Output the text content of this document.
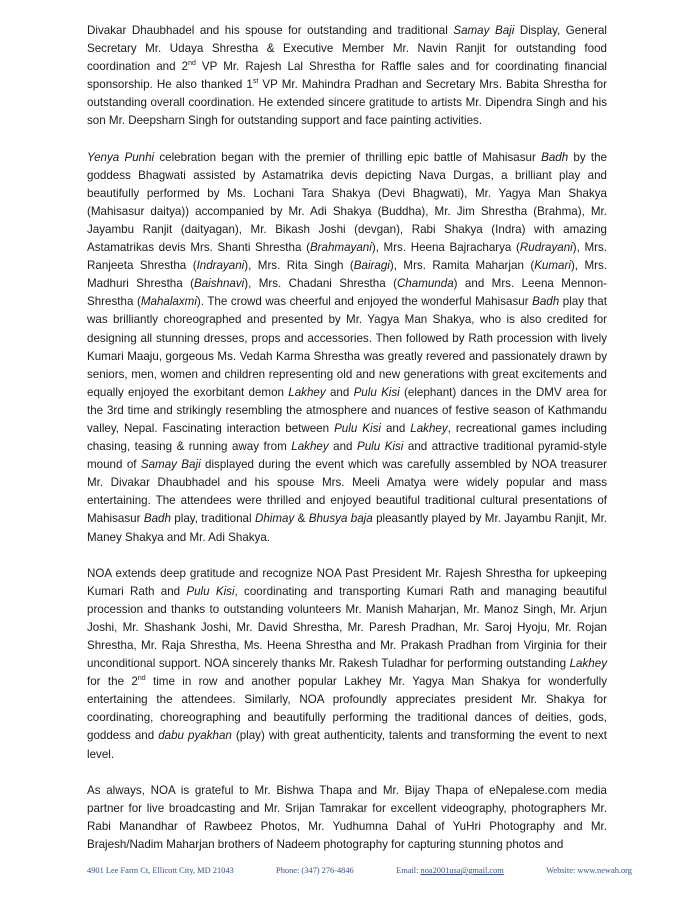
Divakar Dhaubhadel and his spouse for outstanding and traditional Samay Baji Display, General Secretary Mr. Udaya Shrestha & Executive Member Mr. Navin Ranjit for outstanding food coordination and 2nd VP Mr. Rajesh Lal Shrestha for Raffle sales and for coordinating financial sponsorship. He also thanked 1st VP Mr. Mahindra Pradhan and Secretary Mrs. Babita Shrestha for outstanding overall coordination. He extended sincere gratitude to artists Mr. Dipendra Singh and his son Mr. Deepsharn Singh for outstanding support and face painting activities.

Yenya Punhi celebration began with the premier of thrilling epic battle of Mahisasur Badh by the goddess Bhagwati assisted by Astamatrika devis depicting Nava Durgas, a brilliant play and beautifully performed by Ms. Lochani Tara Shakya (Devi Bhagwati), Mr. Yagya Man Shakya (Mahisasur daitya)) accompanied by Mr. Adi Shakya (Buddha), Mr. Jim Shrestha (Brahma), Mr. Jayambu Ranjit (daityagan), Mr. Bikash Joshi (devgan), Rabi Shakya (Indra) with amazing Astamatrikas devis Mrs. Shanti Shrestha (Brahmayani), Mrs. Heena Bajracharya (Rudrayani), Mrs. Ranjeeta Shrestha (Indrayani), Mrs. Rita Singh (Bairagi), Mrs. Ramita Maharjan (Kumari), Mrs. Madhuri Shrestha (Baishnavi), Mrs. Chadani Shrestha (Chamunda) and Mrs. Leena Mennon-Shrestha (Mahalaxmi). The crowd was cheerful and enjoyed the wonderful Mahisasur Badh play that was brilliantly choreographed and presented by Mr. Yagya Man Shakya, who is also credited for designing all stunning dresses, props and accessories. Then followed by Rath procession with lively Kumari Maaju, gorgeous Ms. Vedah Karma Shrestha was greatly revered and passionately drawn by seniors, men, women and children representing old and new generations with great excitements and equally enjoyed the exorbitant demon Lakhey and Pulu Kisi (elephant) dances in the DMV area for the 3rd time and strikingly resembling the atmosphere and nuances of festive season of Kathmandu valley, Nepal. Fascinating interaction between Pulu Kisi and Lakhey, recreational games including chasing, teasing & running away from Lakhey and Pulu Kisi and attractive traditional pyramid-style mound of Samay Baji displayed during the event which was carefully assembled by NOA treasurer Mr. Divakar Dhaubhadel and his spouse Mrs. Meeli Amatya were widely popular and mass entertaining. The attendees were thrilled and enjoyed beautiful traditional cultural presentations of Mahisasur Badh play, traditional Dhimay & Bhusya baja pleasantly played by Mr. Jayambu Ranjit, Mr. Maney Shakya and Mr. Adi Shakya.

NOA extends deep gratitude and recognize NOA Past President Mr. Rajesh Shrestha for upkeeping Kumari Rath and Pulu Kisi, coordinating and transporting Kumari Rath and managing beautiful procession and thanks to outstanding volunteers Mr. Manish Maharjan, Mr. Manoz Singh, Mr. Arjun Joshi, Mr. Shashank Joshi, Mr. David Shrestha, Mr. Paresh Pradhan, Mr. Saroj Hyoju, Mr. Rojan Shrestha, Mr. Raja Shrestha, Ms. Heena Shrestha and Mr. Prakash Pradhan from Virginia for their unconditional support. NOA sincerely thanks Mr. Rakesh Tuladhar for performing outstanding Lakhey for the 2nd time in row and another popular Lakhey Mr. Yagya Man Shakya for wonderfully entertaining the attendees. Similarly, NOA profoundly appreciates president Mr. Shakya for coordinating, choreographing and beautifully performing the traditional dances of deities, gods, goddess and dabu pyakhan (play) with great authenticity, talents and transforming the event to next level.

As always, NOA is grateful to Mr. Bishwa Thapa and Mr. Bijay Thapa of eNepalese.com media partner for live broadcasting and Mr. Srijan Tamrakar for excellent videography, photographers Mr. Rabi Manandhar of Rawbeez Photos, Mr. Yudhumna Dahal of YuHri Photography and Mr. Brajesh/Nadim Maharjan brothers of Nadeem photography for capturing stunning photos and

4901 Lee Farm Ct, Ellicott City, MD 21043	Phone: (347) 276-4846	Email: noa2001usa@gmail.com	Website: www.newah.org
